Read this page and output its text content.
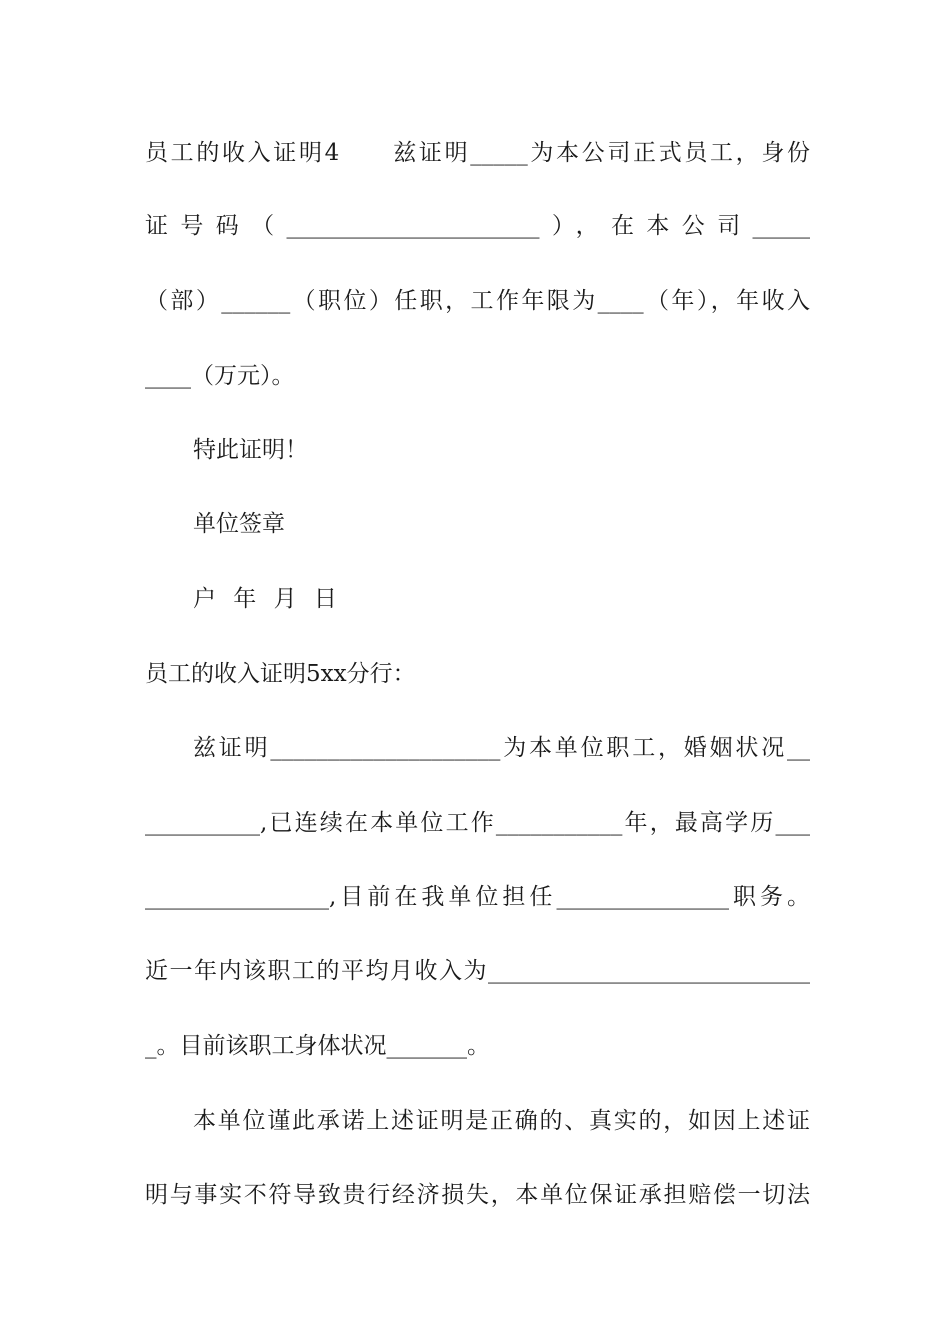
员工的收入证明4　　兹证明_____为本公司正式员工，身份
证号码（______________________），在本公司_____
（部）______（职位）任职，工作年限为____（年），年收入
____（万元）。
特此证明！
单位签章
户 年 月 日
员工的收入证明5xx分行：
兹证明____________________为本单位职工，婚姻状况__
__________,已连续在本单位工作___________年，最高学历___
________________,目前在我单位担任_______________职务。
近一年内该职工的平均月收入为____________________________
_。目前该职工身体状况_______。
本单位谨此承诺上述证明是正确的、真实的，如因上述证
明与事实不符导致贵行经济损失，本单位保证承担赔偿一切法
